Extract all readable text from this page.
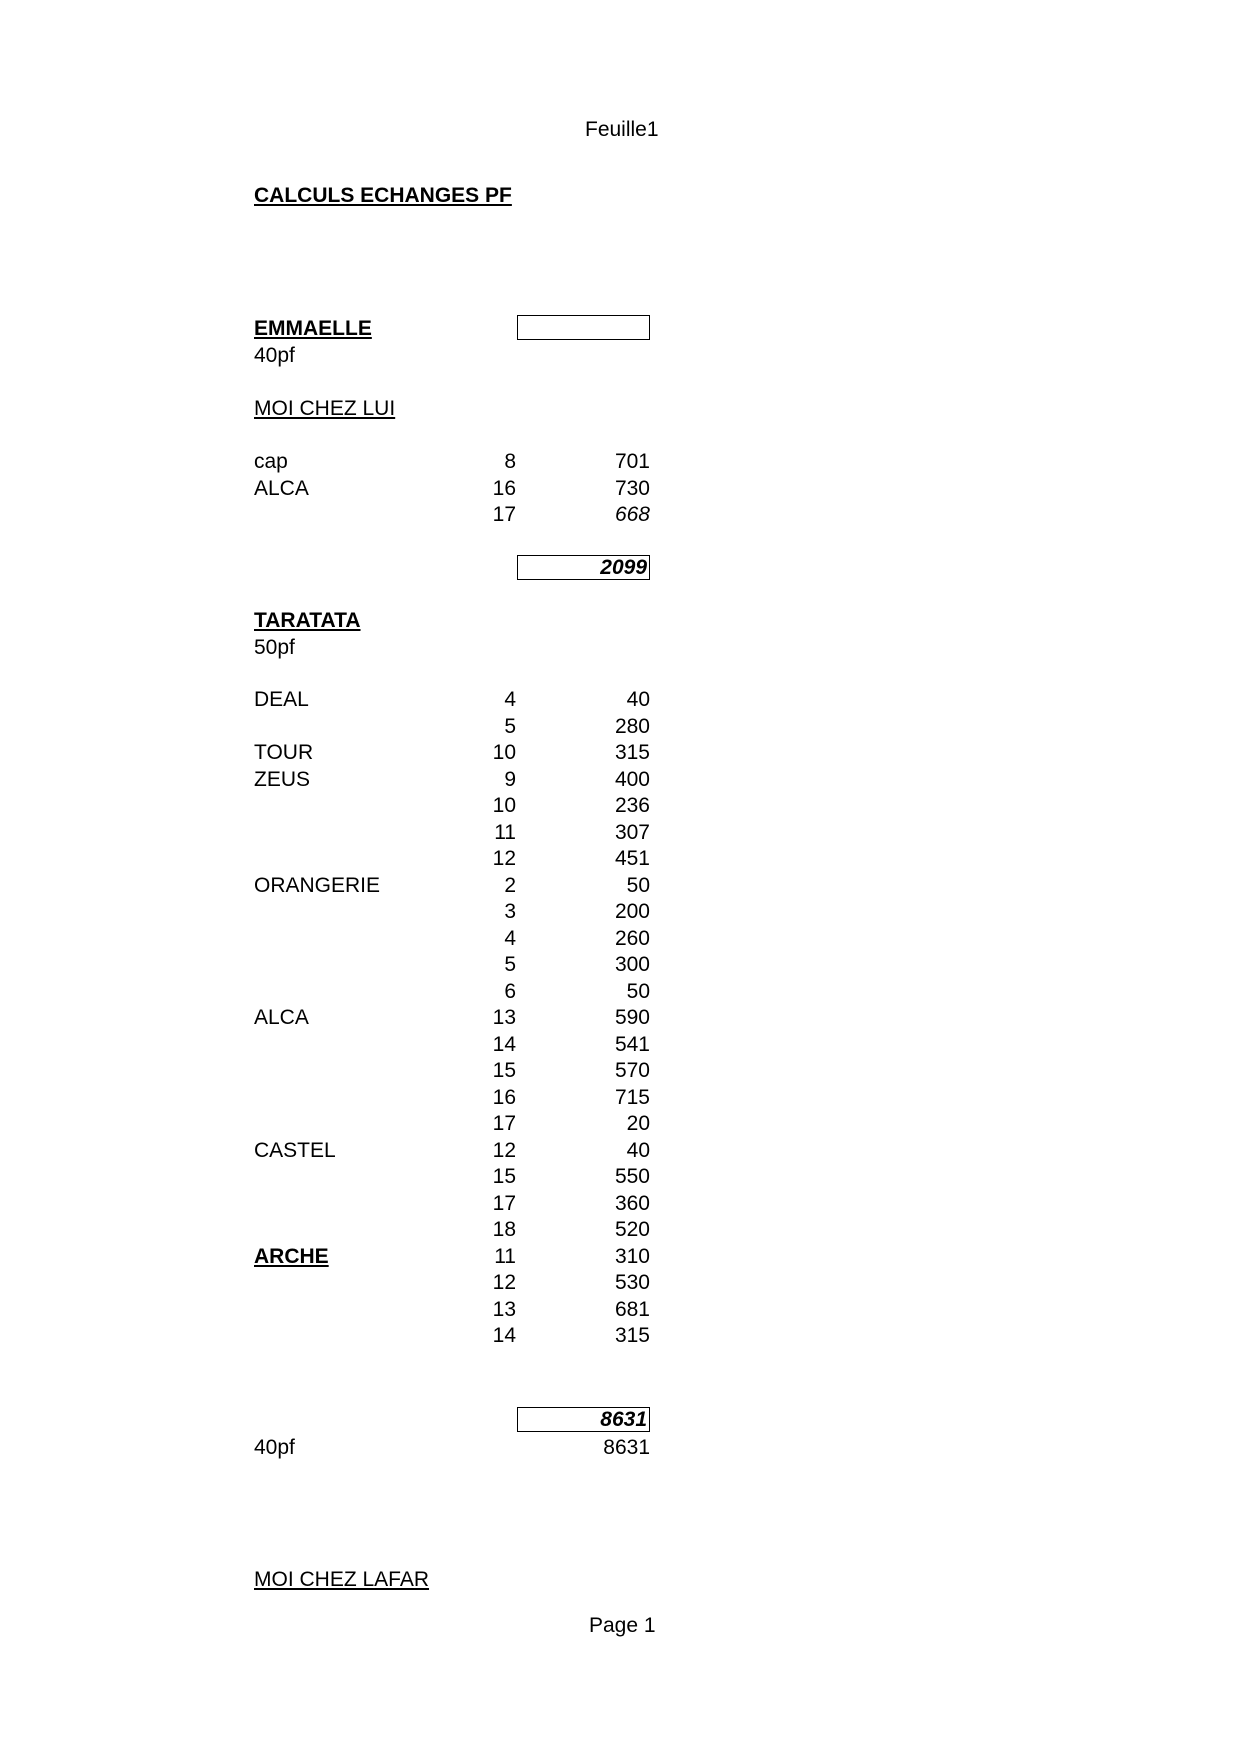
Feuille1
CALCULS ECHANGES PF
EMMAELLE
40pf
MOI CHEZ LUI
cap	8	701
ALCA	16	730
17	668
2099
TARATATA
50pf
DEAL	4	40
5	280
TOUR	10	315
ZEUS	9	400
10	236
11	307
12	451
ORANGERIE	2	50
3	200
4	260
5	300
6	50
ALCA	13	590
14	541
15	570
16	715
17	20
CASTEL	12	40
15	550
17	360
18	520
ARCHE	11	310
12	530
13	681
14	315
8631
40pf	8631
MOI CHEZ LAFAR
Page 1
